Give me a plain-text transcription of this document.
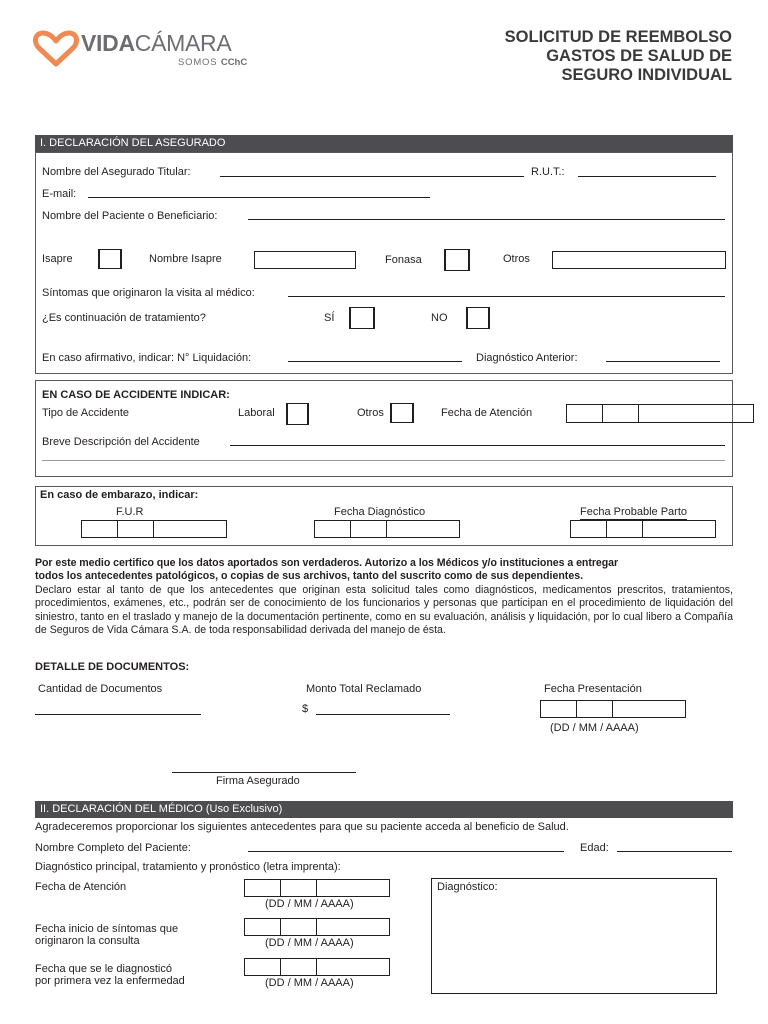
VIDACÁMARA
SOMOS CChC
SOLICITUD DE REEMBOLSO
GASTOS DE SALUD DE
SEGURO INDIVIDUAL
I. DECLARACIÓN DEL ASEGURADO
Nombre del Asegurado Titular:	R.U.T.:
E-mail:
Nombre del Paciente o Beneficiario:
Isapre	Nombre Isapre	Fonasa	Otros
Síntomas que originaron la visita al médico:
¿Es continuación de tratamiento?	SÍ	NO
En caso afirmativo, indicar: N° Liquidación:	Diagnóstico Anterior:
EN CASO DE ACCIDENTE INDICAR:
Tipo de Accidente	Laboral	Otros	Fecha de Atención
Breve Descripción del Accidente
En caso de embarazo, indicar:
F.U.R	Fecha Diagnóstico	Fecha Probable Parto
Por este medio certifico que los datos aportados son verdaderos. Autorizo a los Médicos y/o instituciones a entregar
todos los antecedentes patológicos, o copias de sus archivos, tanto del suscrito como de sus dependientes.
Declaro estar al tanto de que los antecedentes que originan esta solicitud tales como diagnósticos, medicamentos prescritos, tratamientos, procedimientos, exámenes, etc., podrán ser de conocimiento de los funcionarios y personas que participan en el procedimiento de liquidación del siniestro, tanto en el traslado y manejo de la documentación pertinente, como en su evaluación, análisis y liquidación, por lo cual libero a Compañía de Seguros de Vida Cámara S.A. de toda responsabilidad derivada del manejo de ésta.
DETALLE DE DOCUMENTOS:
Cantidad de Documentos	Monto Total Reclamado
$
Fecha Presentación
(DD / MM / AAAA)
Firma Asegurado
II. DECLARACIÓN DEL MÉDICO (Uso Exclusivo)
Agradeceremos proporcionar los siguientes antecedentes para que su paciente acceda al beneficio de Salud.
Nombre Completo del Paciente:	Edad:
Diagnóstico principal, tratamiento y pronóstico (letra imprenta):
Fecha de Atención
(DD / MM / AAAA)
Fecha inicio de síntomas que
originaron la consulta	(DD / MM / AAAA)
Fecha que se le diagnosticó
por primera vez la enfermedad	(DD / MM / AAAA)
Diagnóstico:
